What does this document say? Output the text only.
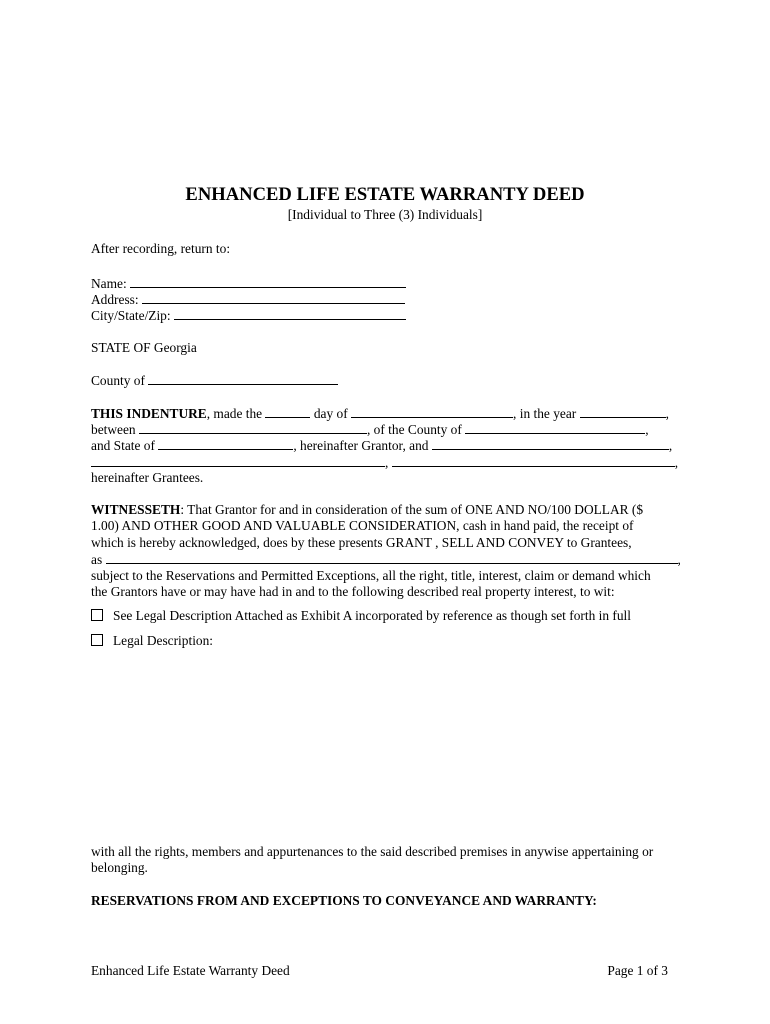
ENHANCED LIFE ESTATE WARRANTY DEED
[Individual to Three (3) Individuals]
After recording, return to:
Name:
Address:
City/State/Zip:
STATE OF Georgia
County of
THIS INDENTURE, made the	day of	, in the year	,
between	, of the County of	,
and State of	, hereinafter Grantor, and	,
,	,
hereinafter Grantees.
WITNESSETH: That Grantor for and in consideration of the sum of ONE AND NO/100 DOLLAR ($
1.00) AND OTHER GOOD AND VALUABLE CONSIDERATION, cash in hand paid, the receipt of
which is hereby acknowledged, does by these presents GRANT , SELL AND CONVEY to Grantees,
as	,
subject to the Reservations and Permitted Exceptions, all the right, title, interest, claim or demand which
the Grantors have or may have had in and to the following described real property interest, to wit:
See Legal Description Attached as Exhibit A incorporated by reference as though set forth in full
Legal Description:
with all the rights, members and appurtenances to the said described premises in anywise appertaining or
belonging.
RESERVATIONS FROM AND EXCEPTIONS TO CONVEYANCE AND WARRANTY:
Enhanced Life Estate Warranty Deed	Page 1 of 3
